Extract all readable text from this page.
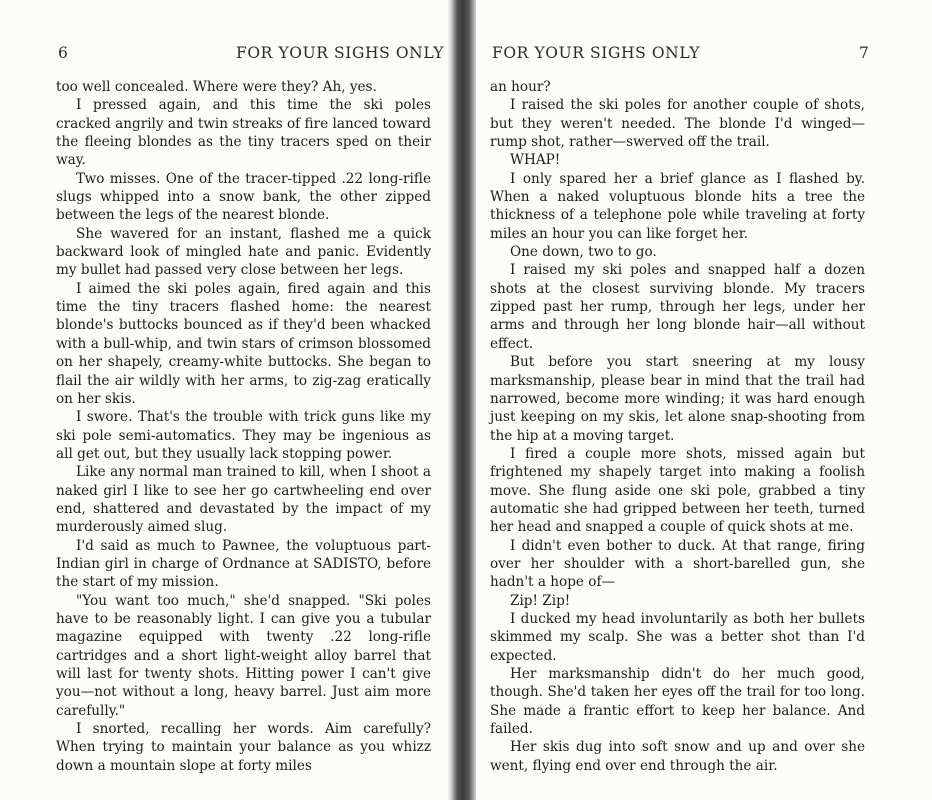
6	FOR YOUR SIGHS ONLY

too well concealed. Where were they? Ah, yes.

I pressed again, and this time the ski poles cracked angrily and twin streaks of fire lanced toward the fleeing blondes as the tiny tracers sped on their way.

Two misses. One of the tracer-tipped .22 long-rifle slugs whipped into a snow bank, the other zipped between the legs of the nearest blonde.

She wavered for an instant, flashed me a quick backward look of mingled hate and panic. Evidently my bullet had passed very close between her legs.

I aimed the ski poles again, fired again and this time the tiny tracers flashed home: the nearest blonde's buttocks bounced as if they'd been whacked with a bull-whip, and twin stars of crimson blossomed on her shapely, creamy-white buttocks. She began to flail the air wildly with her arms, to zig-zag eratically on her skis.

I swore. That's the trouble with trick guns like my ski pole semi-automatics. They may be ingenious as all get out, but they usually lack stopping power.

Like any normal man trained to kill, when I shoot a naked girl I like to see her go cartwheeling end over end, shattered and devastated by the impact of my murderously aimed slug.

I'd said as much to Pawnee, the voluptuous part-Indian girl in charge of Ordnance at SADISTO, before the start of my mission.

"You want too much," she'd snapped. "Ski poles have to be reasonably light. I can give you a tubular magazine equipped with twenty .22 long-rifle cartridges and a short light-weight alloy barrel that will last for twenty shots. Hitting power I can't give you—not without a long, heavy barrel. Just aim more carefully."

I snorted, recalling her words. Aim carefully? When trying to maintain your balance as you whizz down a mountain slope at forty miles

FOR YOUR SIGHS ONLY	7

an hour?

I raised the ski poles for another couple of shots, but they weren't needed. The blonde I'd winged—rump shot, rather—swerved off the trail.

WHAP!

I only spared her a brief glance as I flashed by. When a naked voluptuous blonde hits a tree the thickness of a telephone pole while traveling at forty miles an hour you can like forget her.

One down, two to go.

I raised my ski poles and snapped half a dozen shots at the closest surviving blonde. My tracers zipped past her rump, through her legs, under her arms and through her long blonde hair—all without effect.

But before you start sneering at my lousy marksmanship, please bear in mind that the trail had narrowed, become more winding; it was hard enough just keeping on my skis, let alone snap-shooting from the hip at a moving target.

I fired a couple more shots, missed again but frightened my shapely target into making a foolish move. She flung aside one ski pole, grabbed a tiny automatic she had gripped between her teeth, turned her head and snapped a couple of quick shots at me.

I didn't even bother to duck. At that range, firing over her shoulder with a short-barelled gun, she hadn't a hope of—

Zip! Zip!

I ducked my head involuntarily as both her bullets skimmed my scalp. She was a better shot than I'd expected.

Her marksmanship didn't do her much good, though. She'd taken her eyes off the trail for too long. She made a frantic effort to keep her balance. And failed.

Her skis dug into soft snow and up and over she went, flying end over end through the air.
